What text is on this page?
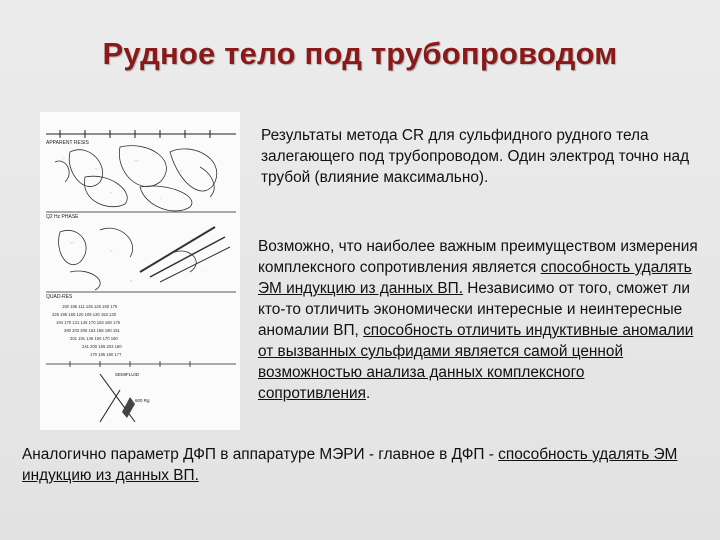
Рудное тело под трубопроводом
APPARENT RESIS
··
·:
·:·
·:
·:
·
Q2 Hz PHASE
·:·
·:
··
·:
·
QUAD-RES
150 185 111 135 126 150 170
225 195 150 120 109 120 153 130
194 170 131 145 170 153 160 175
280 203 206 163 188 180 151
201 191 146 150 170 160
241 200 165 203 180
170 185 180 177
SEMIFLUID
600 Rg

Результаты метода CR для сульфидного рудного тела залегающего под трубопроводом. Один электрод точно над трубой (влияние максимально).

Возможно, что наиболее важным преимуществом измерения комплексного сопротивления является способность удалять ЭМ индукцию из данных ВП. Независимо от того, сможет ли кто-то отличить экономически интересные и неинтересные аномалии ВП, способность отличить индуктивные аномалии от вызванных сульфидами является самой ценной возможностью анализа данных комплексного сопротивления.

Аналогично параметр ДФП в аппаратуре МЭРИ - главное в ДФП - способность удалять ЭМ индукцию из данных ВП.
